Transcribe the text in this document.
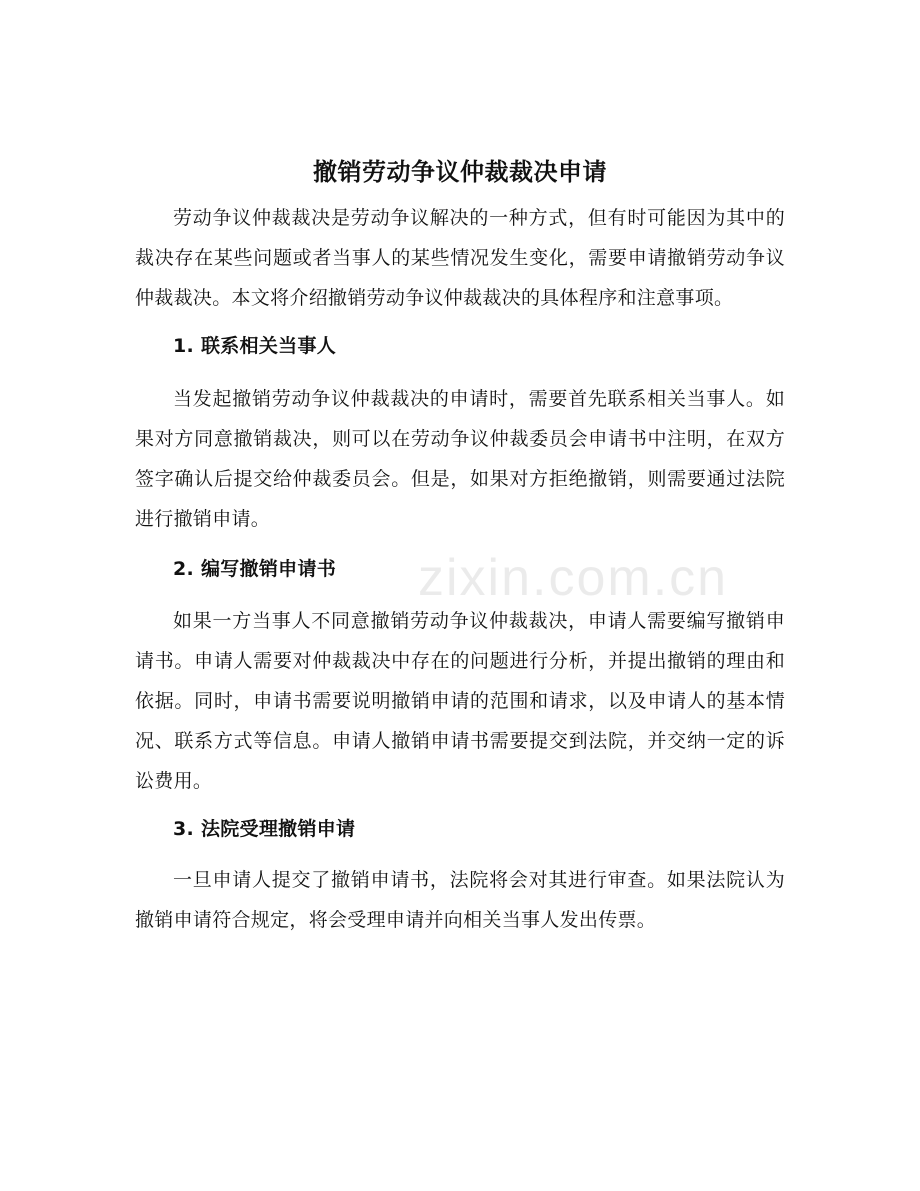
撤销劳动争议仲裁裁决申请

劳动争议仲裁裁决是劳动争议解决的一种方式，但有时可能因为其中的裁决存在某些问题或者当事人的某些情况发生变化，需要申请撤销劳动争议仲裁裁决。本文将介绍撤销劳动争议仲裁裁决的具体程序和注意事项。

1. 联系相关当事人

当发起撤销劳动争议仲裁裁决的申请时，需要首先联系相关当事人。如果对方同意撤销裁决，则可以在劳动争议仲裁委员会申请书中注明，在双方签字确认后提交给仲裁委员会。但是，如果对方拒绝撤销，则需要通过法院进行撤销申请。

2. 编写撤销申请书

如果一方当事人不同意撤销劳动争议仲裁裁决，申请人需要编写撤销申请书。申请人需要对仲裁裁决中存在的问题进行分析，并提出撤销的理由和依据。同时，申请书需要说明撤销申请的范围和请求，以及申请人的基本情况、联系方式等信息。申请人撤销申请书需要提交到法院，并交纳一定的诉讼费用。

3. 法院受理撤销申请

一旦申请人提交了撤销申请书，法院将会对其进行审查。如果法院认为撤销申请符合规定，将会受理申请并向相关当事人发出传票。

zixin.com.cn
